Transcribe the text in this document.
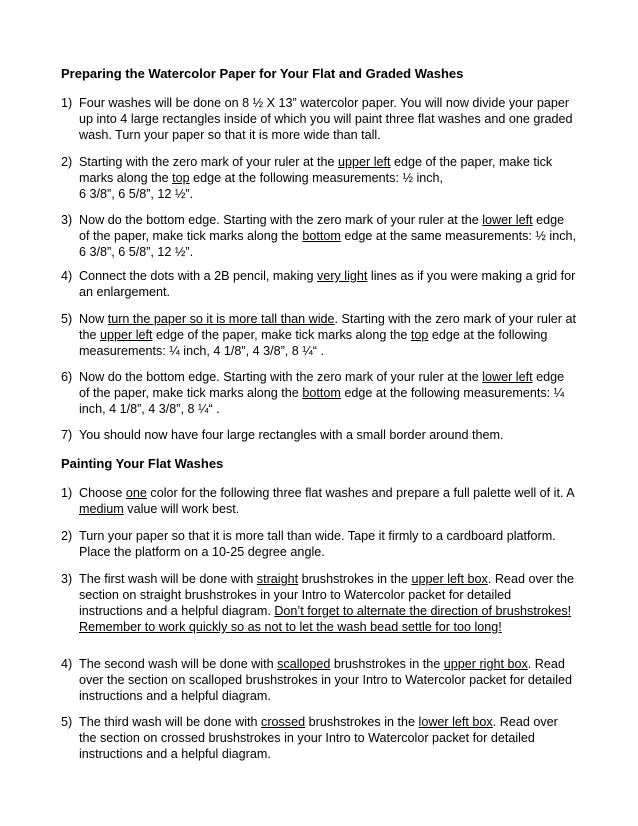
Preparing the Watercolor Paper for Your Flat and Graded Washes
1) Four washes will be done on 8 ½ X 13” watercolor paper. You will now divide your paper
up into 4 large rectangles inside of which you will paint three flat washes and one graded
wash. Turn your paper so that it is more wide than tall.
2) Starting with the zero mark of your ruler at the upper left edge of the paper, make tick
marks along the top edge at the following measurements: ½ inch,
6 3/8”, 6 5/8”, 12 ½”.
3) Now do the bottom edge. Starting with the zero mark of your ruler at the lower left edge
of the paper, make tick marks along the bottom edge at the same measurements: ½ inch,
6 3/8”, 6 5/8”, 12 ½”.
4) Connect the dots with a 2B pencil, making very light lines as if you were making a grid for
an enlargement.
5) Now turn the paper so it is more tall than wide. Starting with the zero mark of your ruler at
the upper left edge of the paper, make tick marks along the top edge at the following
measurements: ¼ inch, 4 1/8”, 4 3/8”, 8 ¼“ .
6) Now do the bottom edge. Starting with the zero mark of your ruler at the lower left edge
of the paper, make tick marks along the bottom edge at the following measurements: ¼
inch, 4 1/8”, 4 3/8”, 8 ¼“ .
7) You should now have four large rectangles with a small border around them.
Painting Your Flat Washes
1) Choose one color for the following three flat washes and prepare a full palette well of it. A
medium value will work best.
2) Turn your paper so that it is more tall than wide. Tape it firmly to a cardboard platform.
Place the platform on a 10-25 degree angle.
3) The first wash will be done with straight brushstrokes in the upper left box. Read over the
section on straight brushstrokes in your Intro to Watercolor packet for detailed
instructions and a helpful diagram. Don’t forget to alternate the direction of brushstrokes!
Remember to work quickly so as not to let the wash bead settle for too long!
4) The second wash will be done with scalloped brushstrokes in the upper right box. Read
over the section on scalloped brushstrokes in your Intro to Watercolor packet for detailed
instructions and a helpful diagram.
5) The third wash will be done with crossed brushstrokes in the lower left box. Read over
the section on crossed brushstrokes in your Intro to Watercolor packet for detailed
instructions and a helpful diagram.
